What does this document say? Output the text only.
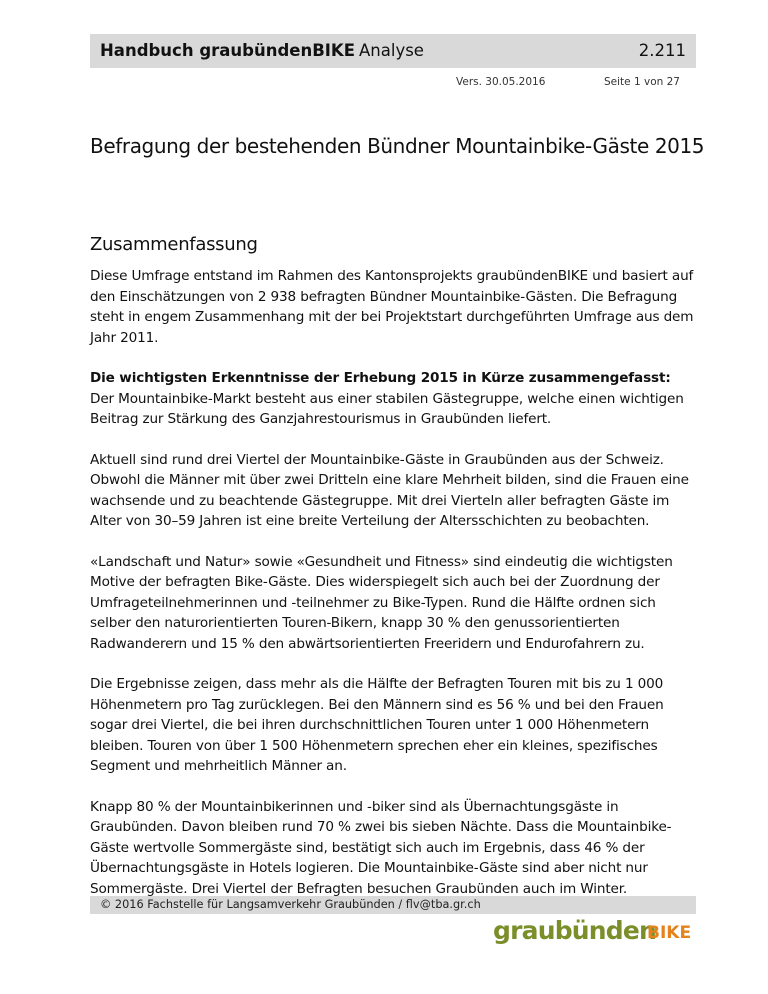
Handbuch graubündenBIKE Analyse	2.211
Vers. 30.05.2016	Seite 1 von 27
Befragung der bestehenden Bündner Mountainbike-Gäste 2015
Zusammenfassung

Diese Umfrage entstand im Rahmen des Kantonsprojekts graubündenBIKE und basiert auf den Einschätzungen von 2 938 befragten Bündner Mountainbike-Gästen. Die Befragung steht in engem Zusammenhang mit der bei Projektstart durchgeführten Umfrage aus dem Jahr 2011.

Die wichtigsten Erkenntnisse der Erhebung 2015 in Kürze zusammengefasst:

Der Mountainbike-Markt besteht aus einer stabilen Gästegruppe, welche einen wichtigen Beitrag zur Stärkung des Ganzjahrestourismus in Graubünden liefert.

Aktuell sind rund drei Viertel der Mountainbike-Gäste in Graubünden aus der Schweiz. Obwohl die Männer mit über zwei Dritteln eine klare Mehrheit bilden, sind die Frauen eine wachsende und zu beachtende Gästegruppe. Mit drei Vierteln aller befragten Gäste im Alter von 30–59 Jahren ist eine breite Verteilung der Altersschichten zu beobachten.

«Landschaft und Natur» sowie «Gesundheit und Fitness» sind eindeutig die wichtigsten Motive der befragten Bike-Gäste. Dies widerspiegelt sich auch bei der Zuordnung der Umfrageteilnehmerinnen und -teilnehmer zu Bike-Typen. Rund die Hälfte ordnen sich selber den naturorientierten Touren-Bikern, knapp 30 % den genussorientierten Radwanderern und 15 % den abwärtsorientierten Freeridern und Endurofahrern zu.

Die Ergebnisse zeigen, dass mehr als die Hälfte der Befragten Touren mit bis zu 1 000 Höhenmetern pro Tag zurücklegen. Bei den Männern sind es 56 % und bei den Frauen sogar drei Viertel, die bei ihren durchschnittlichen Touren unter 1 000 Höhenmetern bleiben. Touren von über 1 500 Höhenmetern sprechen eher ein kleines, spezifisches Segment und mehrheitlich Männer an.

Knapp 80 % der Mountainbikerinnen und -biker sind als Übernachtungsgäste in Graubünden. Davon bleiben rund 70 % zwei bis sieben Nächte. Dass die Mountainbike-Gäste wertvolle Sommergäste sind, bestätigt sich auch im Ergebnis, dass 46 % der Übernachtungsgäste in Hotels logieren. Die Mountainbike-Gäste sind aber nicht nur Sommergäste. Drei Viertel der Befragten besuchen Graubünden auch im Winter.

© 2016 Fachstelle für Langsamverkehr Graubünden / flv@tba.gr.ch
graubünden
BIKE
